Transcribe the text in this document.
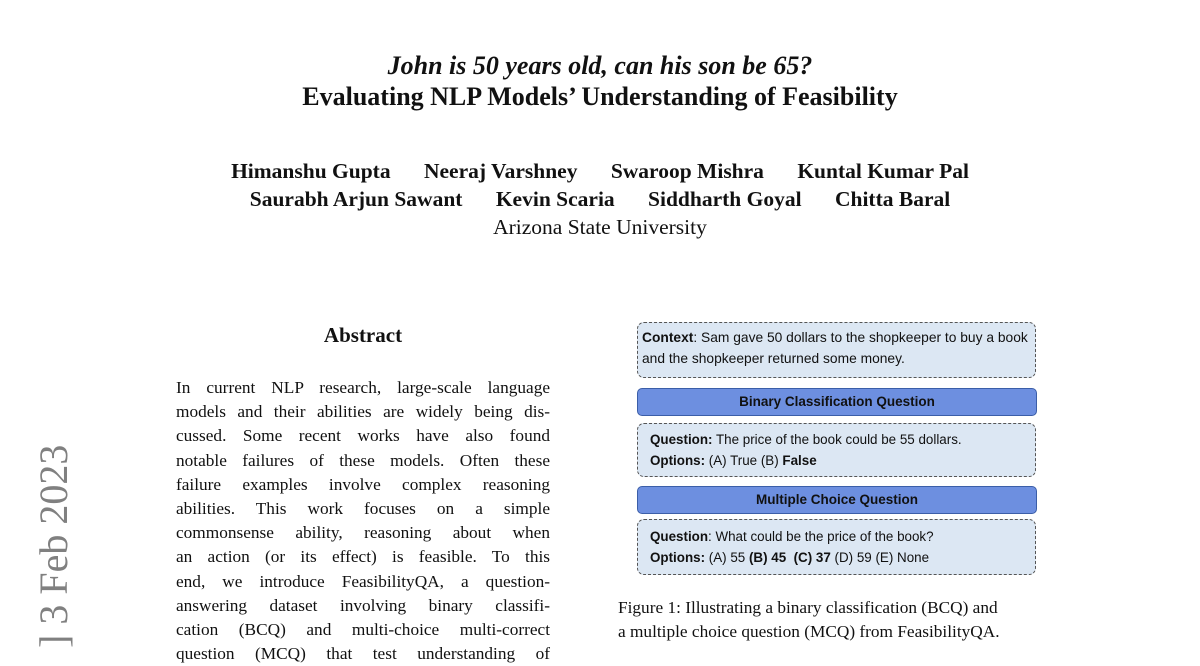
John is 50 years old, can his son be 65?
Evaluating NLP Models’ Understanding of Feasibility
Himanshu Gupta Neeraj Varshney Swaroop Mishra Kuntal Kumar Pal
Saurabh Arjun Sawant Kevin Scaria Siddharth Goyal Chitta Baral
Arizona State University
] 3 Feb 2023
Abstract
In current NLP research, large-scale language
models and their abilities are widely being dis-
cussed. Some recent works have also found
notable failures of these models. Often these
failure examples involve complex reasoning
abilities. This work focuses on a simple
commonsense ability, reasoning about when
an action (or its effect) is feasible. To this
end, we introduce FeasibilityQA, a question-
answering dataset involving binary classifi-
cation (BCQ) and multi-choice multi-correct
question (MCQ) that test understanding of
Context: Sam gave 50 dollars to the shopkeeper to buy a book and the shopkeeper returned some money.
Binary Classification Question
Question: The price of the book could be 55 dollars.
Options: (A) True (B) False
Multiple Choice Question
Question: What could be the price of the book?
Options: (A) 55 (B) 45  (C) 37 (D) 59 (E) None
Figure 1: Illustrating a binary classification (BCQ) and
a multiple choice question (MCQ) from FeasibilityQA.
